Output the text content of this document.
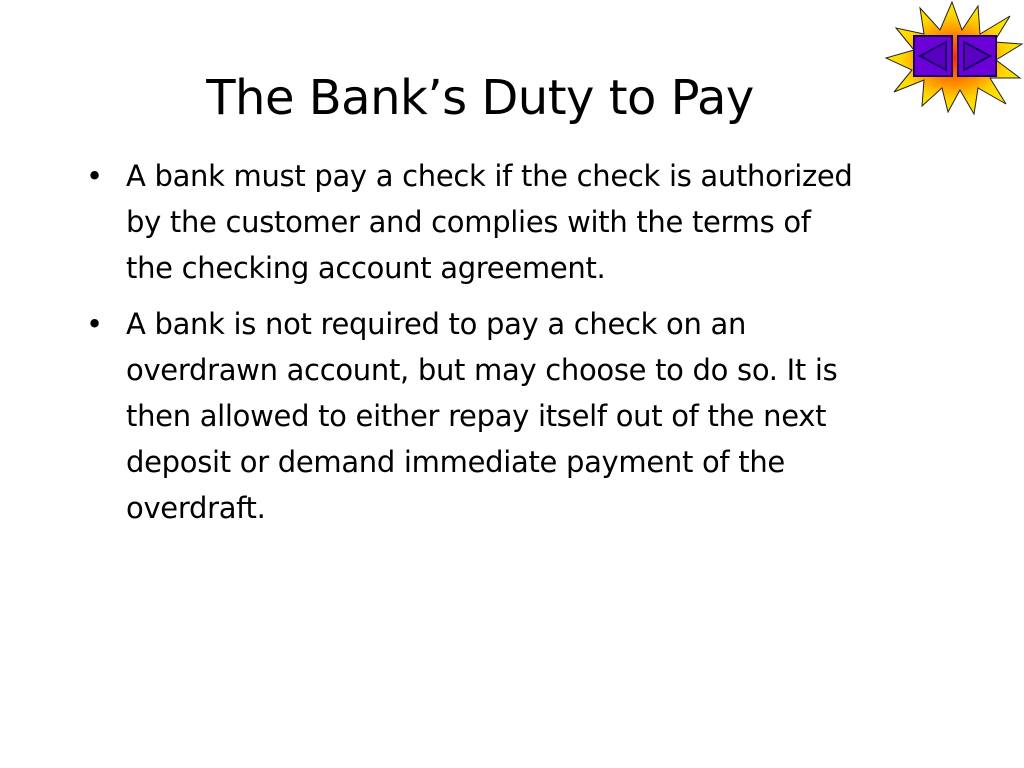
The Bank’s Duty to Pay
• A bank must pay a check if the check is authorized by the customer and complies with the terms of the checking account agreement.
• A bank is not required to pay a check on an overdrawn account, but may choose to do so. It is then allowed to either repay itself out of the next deposit or demand immediate payment of the overdraft.
